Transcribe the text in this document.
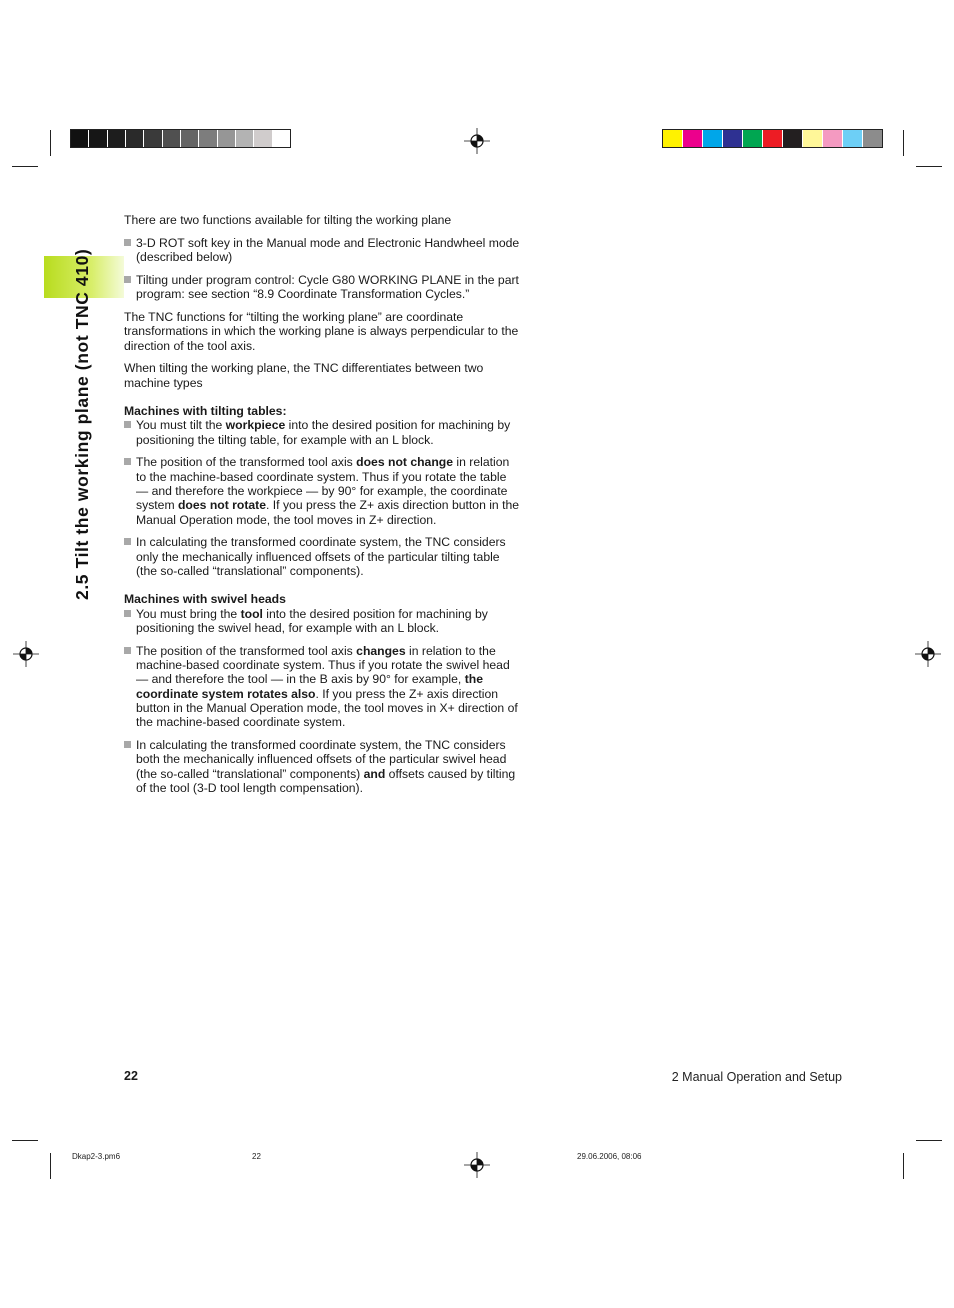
2.5 Tilt the working plane (not TNC 410)

There are two functions available for tilting the working plane

3-D ROT soft key in the Manual mode and Electronic Handwheel mode (described below)
Tilting under program control: Cycle G80 WORKING PLANE in the part program: see section “8.9 Coordinate Transformation Cycles.”

The TNC functions for “tilting the working plane” are coordinate transformations in which the working plane is always perpendicular to the direction of the tool axis.

When tilting the working plane, the TNC differentiates between two machine types

Machines with tilting tables:
You must tilt the workpiece into the desired position for machining by positioning the tilting table, for example with an L block.
The position of the transformed tool axis does not change in relation to the machine-based coordinate system. Thus if you rotate the table — and therefore the workpiece — by 90° for example, the coordinate system does not rotate. If you press the Z+ axis direction button in the Manual Operation mode, the tool moves in Z+ direction.
In calculating the transformed coordinate system, the TNC considers only the mechanically influenced offsets of the particular tilting table (the so-called “translational” components).
Machines with swivel heads
You must bring the tool into the desired position for machining by positioning the swivel head, for example with an L block.
The position of the transformed tool axis changes in relation to the machine-based coordinate system. Thus if you rotate the swivel head — and therefore the tool — in the B axis by 90° for example, the coordinate system rotates also. If you press the Z+ axis direction button in the Manual Operation mode, the tool moves in X+ direction of the machine-based coordinate system.
In calculating the transformed coordinate system, the TNC considers both the mechanically influenced offsets of the particular swivel head (the so-called “translational” components) and offsets caused by tilting of the tool (3-D tool length compensation).
22	2 Manual Operation and Setup
Dkap2-3.pm6	22	29.06.2006, 08:06
